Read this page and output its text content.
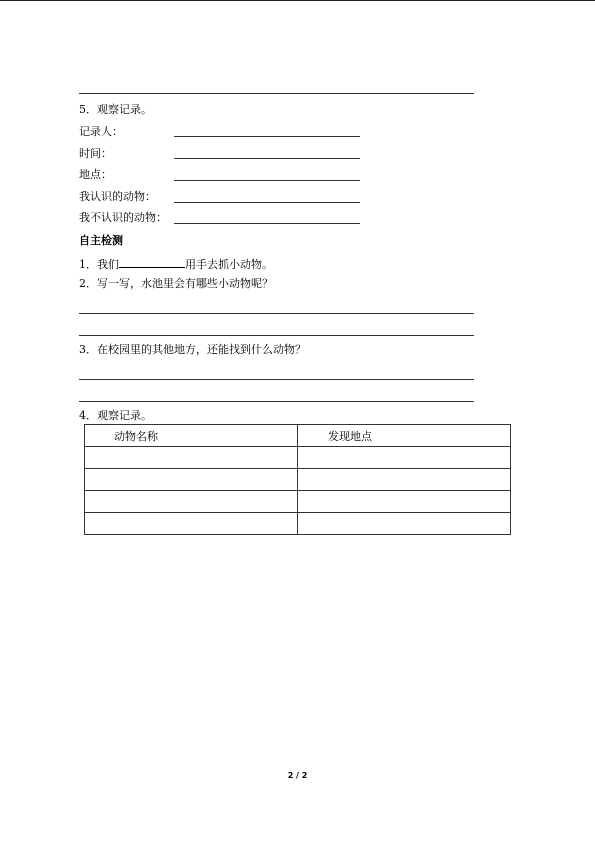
5．观察记录。
记录人：
时间：
地点：
我认识的动物：
我不认识的动物：
自主检测
1．我们	用手去抓小动物。
2．写一写，水池里会有哪些小动物呢？
3．在校园里的其他地方，还能找到什么动物？
4．观察记录。
动物名称	发现地点

2 / 2
